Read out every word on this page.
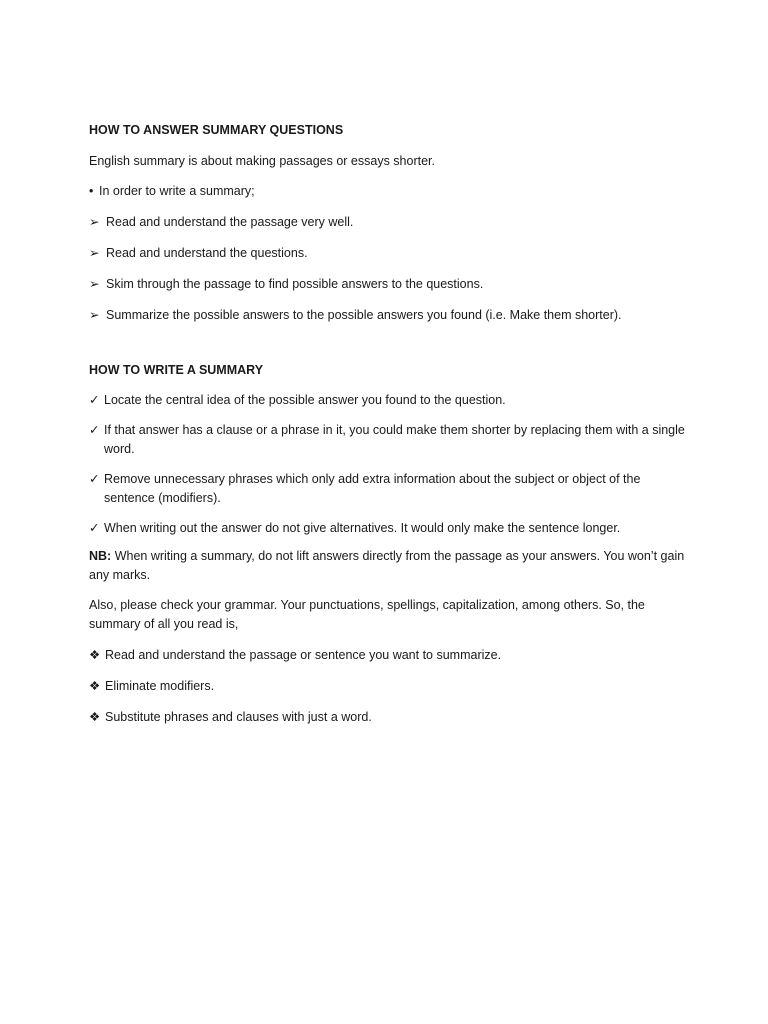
HOW TO ANSWER SUMMARY QUESTIONS

English summary is about making passages or essays shorter.

• In order to write a summary;
➢ Read and understand the passage very well.
➢ Read and understand the questions.
➢ Skim through the passage to find possible answers to the questions.
➢ Summarize the possible answers to the possible answers you found (i.e. Make them shorter).

HOW TO WRITE A SUMMARY

✓ Locate the central idea of the possible answer you found to the question.
✓ If that answer has a clause or a phrase in it, you could make them shorter by replacing them with a single word.
✓ Remove unnecessary phrases which only add extra information about the subject or object of the sentence (modifiers).
✓ When writing out the answer do not give alternatives. It would only make the sentence longer.

NB: When writing a summary, do not lift answers directly from the passage as your answers. You won’t gain any marks.

Also, please check your grammar. Your punctuations, spellings, capitalization, among others. So, the summary of all you read is,

❖ Read and understand the passage or sentence you want to summarize.
❖ Eliminate modifiers.
❖ Substitute phrases and clauses with just a word.
